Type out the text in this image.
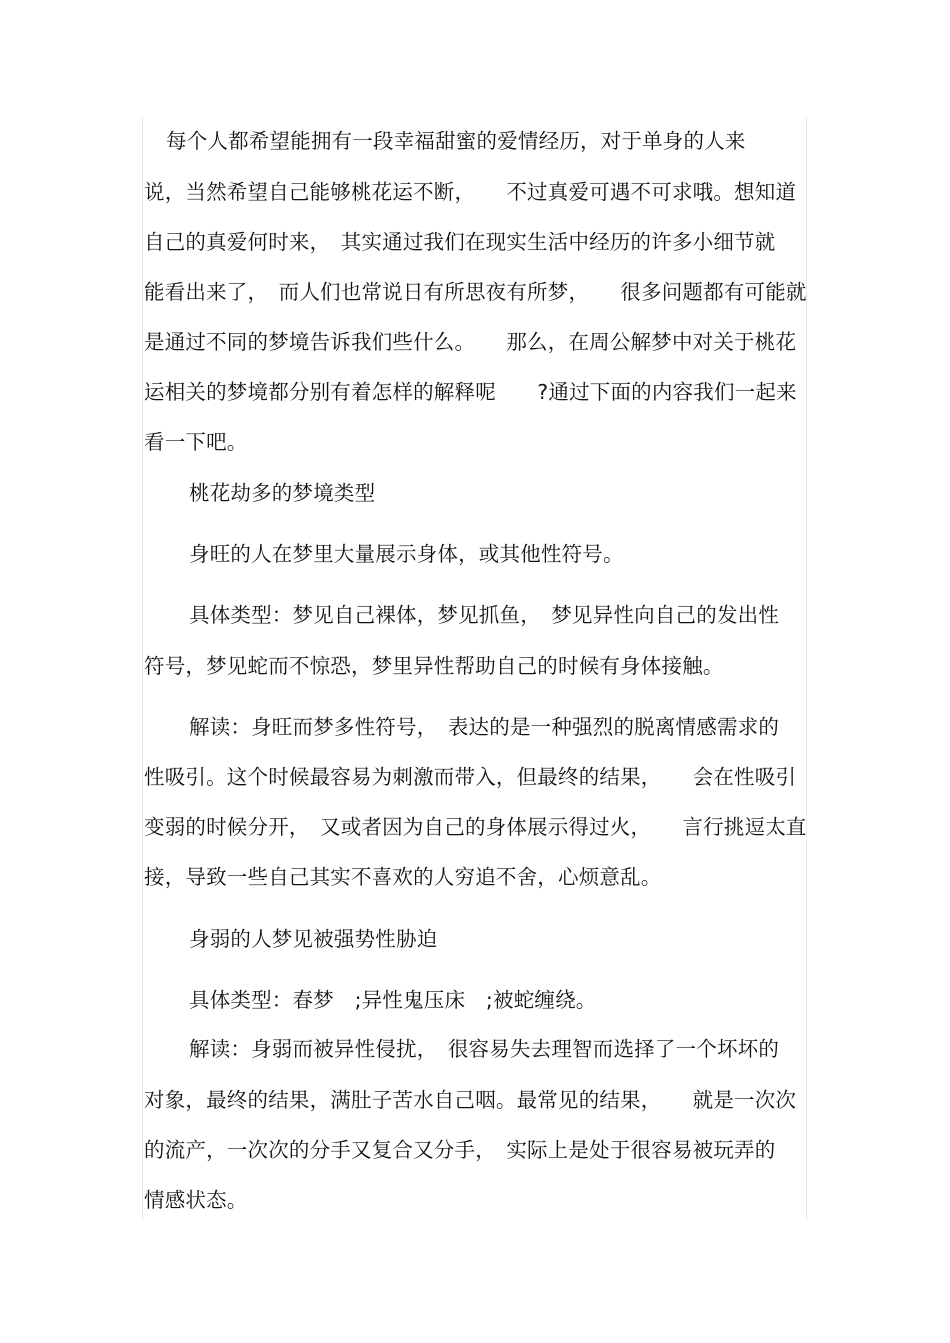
每个人都希望能拥有一段幸福甜蜜的爱情经历，对于单身的人来
说，当然希望自己能够桃花运不断，　　不过真爱可遇不可求哦。想知道
自己的真爱何时来，　其实通过我们在现实生活中经历的许多小细节就
能看出来了，　而人们也常说日有所思夜有所梦，　　很多问题都有可能就
是通过不同的梦境告诉我们些什么。　　那么，在周公解梦中对关于桃花
运相关的梦境都分别有着怎样的解释呢　　?通过下面的内容我们一起来
看一下吧。
桃花劫多的梦境类型
身旺的人在梦里大量展示身体，或其他性符号。
具体类型：梦见自己裸体，梦见抓鱼，　梦见异性向自己的发出性
符号，梦见蛇而不惊恐，梦里异性帮助自己的时候有身体接触。
解读：身旺而梦多性符号，　表达的是一种强烈的脱离情感需求的
性吸引。这个时候最容易为刺激而带入，但最终的结果，　　会在性吸引
变弱的时候分开，　又或者因为自己的身体展示得过火，　　言行挑逗太直
接，导致一些自己其实不喜欢的人穷追不舍，心烦意乱。
身弱的人梦见被强势性胁迫
具体类型：春梦　;异性鬼压床　;被蛇缠绕。
解读：身弱而被异性侵扰，　很容易失去理智而选择了一个坏坏的
对象，最终的结果，满肚子苦水自己咽。最常见的结果，　　就是一次次
的流产，一次次的分手又复合又分手，　实际上是处于很容易被玩弄的
情感状态。
